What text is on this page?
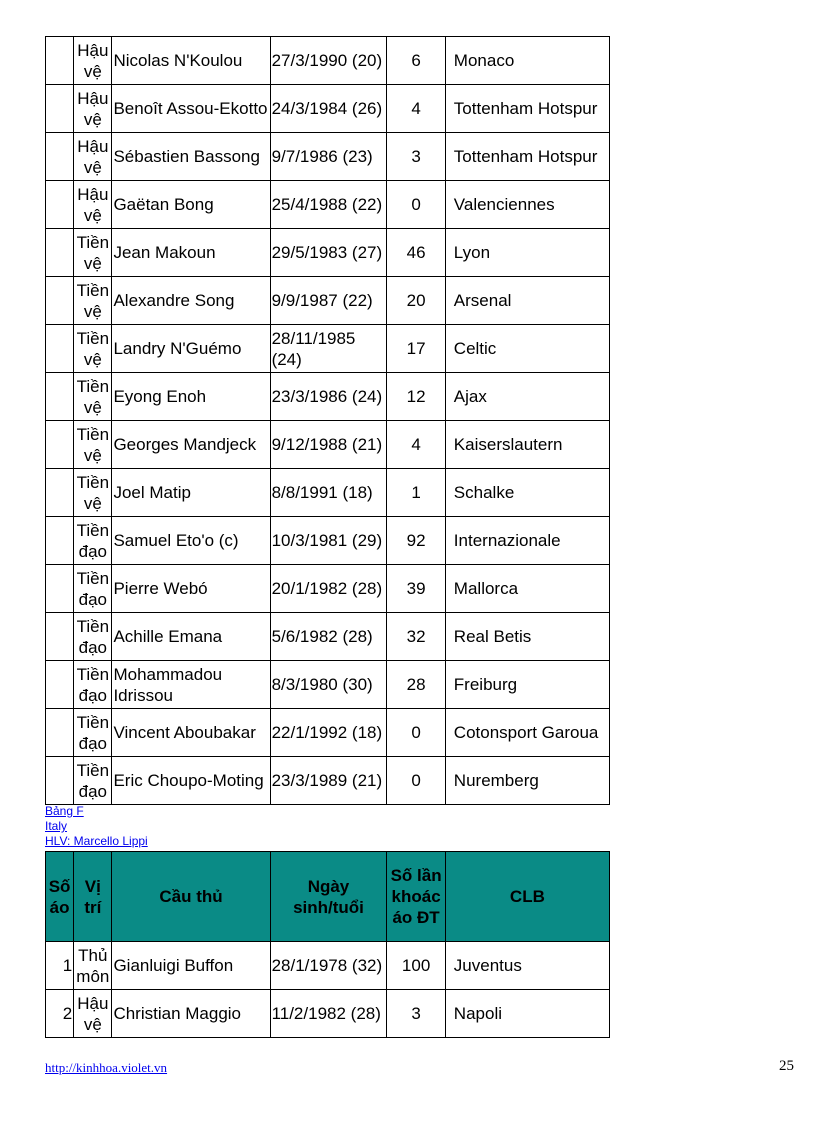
	Hậu vệ	Nicolas N'Koulou	27/3/1990 (20)	6	Monaco
	Hậu vệ	Benoît Assou-Ekotto	24/3/1984 (26)	4	Tottenham Hotspur
	Hậu vệ	Sébastien Bassong	9/7/1986 (23)	3	Tottenham Hotspur
	Hậu vệ	Gaëtan Bong	25/4/1988 (22)	0	Valenciennes
	Tiền vệ	Jean Makoun	29/5/1983 (27)	46	Lyon
	Tiền vệ	Alexandre Song	9/9/1987 (22)	20	Arsenal
	Tiền vệ	Landry N'Guémo	28/11/1985 (24)	17	Celtic
	Tiền vệ	Eyong Enoh	23/3/1986 (24)	12	Ajax
	Tiền vệ	Georges Mandjeck	9/12/1988 (21)	4	Kaiserslautern
	Tiền vệ	Joel Matip	8/8/1991 (18)	1	Schalke
	Tiền đạo	Samuel Eto'o (c)	10/3/1981 (29)	92	Internazionale
	Tiền đạo	Pierre Webó	20/1/1982 (28)	39	Mallorca
	Tiền đạo	Achille Emana	5/6/1982 (28)	32	Real Betis
	Tiền đạo	Mohammadou Idrissou	8/3/1980 (30)	28	Freiburg
	Tiền đạo	Vincent Aboubakar	22/1/1992 (18)	0	Cotonsport Garoua
	Tiền đạo	Eric Choupo-Moting	23/3/1989 (21)	0	Nuremberg
Bảng F
Italy
HLV: Marcello Lippi
Số áo	Vị trí	Cầu thủ	Ngày sinh/tuổi	Số lần khoác áo ĐT	CLB
1	Thủ môn	Gianluigi Buffon	28/1/1978 (32)	100	Juventus
2	Hậu vệ	Christian Maggio	11/2/1982 (28)	3	Napoli
http://kinhhoa.violet.vn	25
